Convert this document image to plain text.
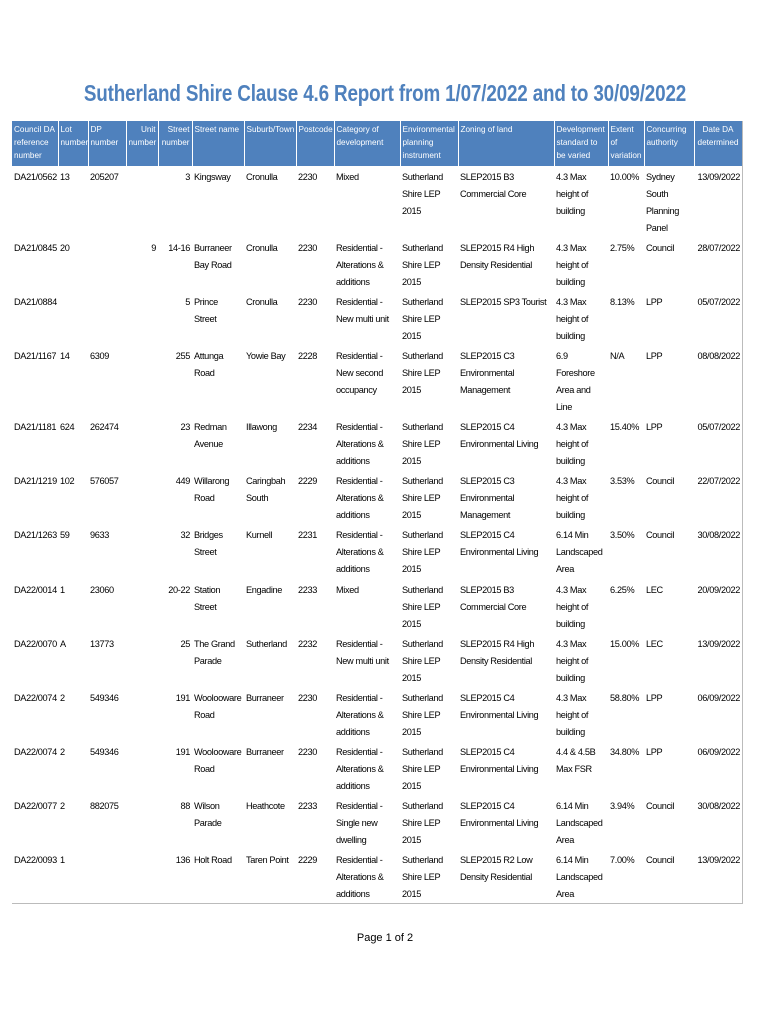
Sutherland Shire Clause 4.6 Report from 1/07/2022 and to 30/09/2022
Council DA reference number	Lot number	DP number	Unit number	Street number	Street name	Suburb/Town	Postcode	Category of development	Environmental planning instrument	Zoning of land	Development standard to be varied	Extent of variation	Concurring authority	Date DA determined
DA21/0562	13	205207		3	Kingsway	Cronulla	2230	Mixed	Sutherland Shire LEP 2015	SLEP2015 B3 Commercial Core	4.3 Max height of building	10.00%	Sydney South Planning Panel	13/09/2022
DA21/0845	20		9	14-16	Burraneer Bay Road	Cronulla	2230	Residential - Alterations & additions	Sutherland Shire LEP 2015	SLEP2015 R4 High Density Residential	4.3 Max height of building	2.75%	Council	28/07/2022
DA21/0884				5	Prince Street	Cronulla	2230	Residential - New multi unit	Sutherland Shire LEP 2015	SLEP2015 SP3 Tourist	4.3 Max height of building	8.13%	LPP	05/07/2022
DA21/1167	14	6309		255	Attunga Road	Yowie Bay	2228	Residential - New second occupancy	Sutherland Shire LEP 2015	SLEP2015 C3 Environmental Management	6.9 Foreshore Area and Line	N/A	LPP	08/08/2022
DA21/1181	624	262474		23	Redman Avenue	Illawong	2234	Residential - Alterations & additions	Sutherland Shire LEP 2015	SLEP2015 C4 Environmental Living	4.3 Max height of building	15.40%	LPP	05/07/2022
DA21/1219	102	576057		449	Willarong Road	Caringbah South	2229	Residential - Alterations & additions	Sutherland Shire LEP 2015	SLEP2015 C3 Environmental Management	4.3 Max height of building	3.53%	Council	22/07/2022
DA21/1263	59	9633		32	Bridges Street	Kurnell	2231	Residential - Alterations & additions	Sutherland Shire LEP 2015	SLEP2015 C4 Environmental Living	6.14 Min Landscaped Area	3.50%	Council	30/08/2022
DA22/0014	1	23060		20-22	Station Street	Engadine	2233	Mixed	Sutherland Shire LEP 2015	SLEP2015 B3 Commercial Core	4.3 Max height of building	6.25%	LEC	20/09/2022
DA22/0070	A	13773		25	The Grand Parade	Sutherland	2232	Residential - New multi unit	Sutherland Shire LEP 2015	SLEP2015 R4 High Density Residential	4.3 Max height of building	15.00%	LEC	13/09/2022
DA22/0074	2	549346		191	Woolooware Road	Burraneer	2230	Residential - Alterations & additions	Sutherland Shire LEP 2015	SLEP2015 C4 Environmental Living	4.3 Max height of building	58.80%	LPP	06/09/2022
DA22/0074	2	549346		191	Woolooware Road	Burraneer	2230	Residential - Alterations & additions	Sutherland Shire LEP 2015	SLEP2015 C4 Environmental Living	4.4 & 4.5B Max FSR	34.80%	LPP	06/09/2022
DA22/0077	2	882075		88	Wilson Parade	Heathcote	2233	Residential - Single new dwelling	Sutherland Shire LEP 2015	SLEP2015 C4 Environmental Living	6.14 Min Landscaped Area	3.94%	Council	30/08/2022
DA22/0093	1			136	Holt Road	Taren Point	2229	Residential - Alterations & additions	Sutherland Shire LEP 2015	SLEP2015 R2 Low Density Residential	6.14 Min Landscaped Area	7.00%	Council	13/09/2022
Page 1 of 2
